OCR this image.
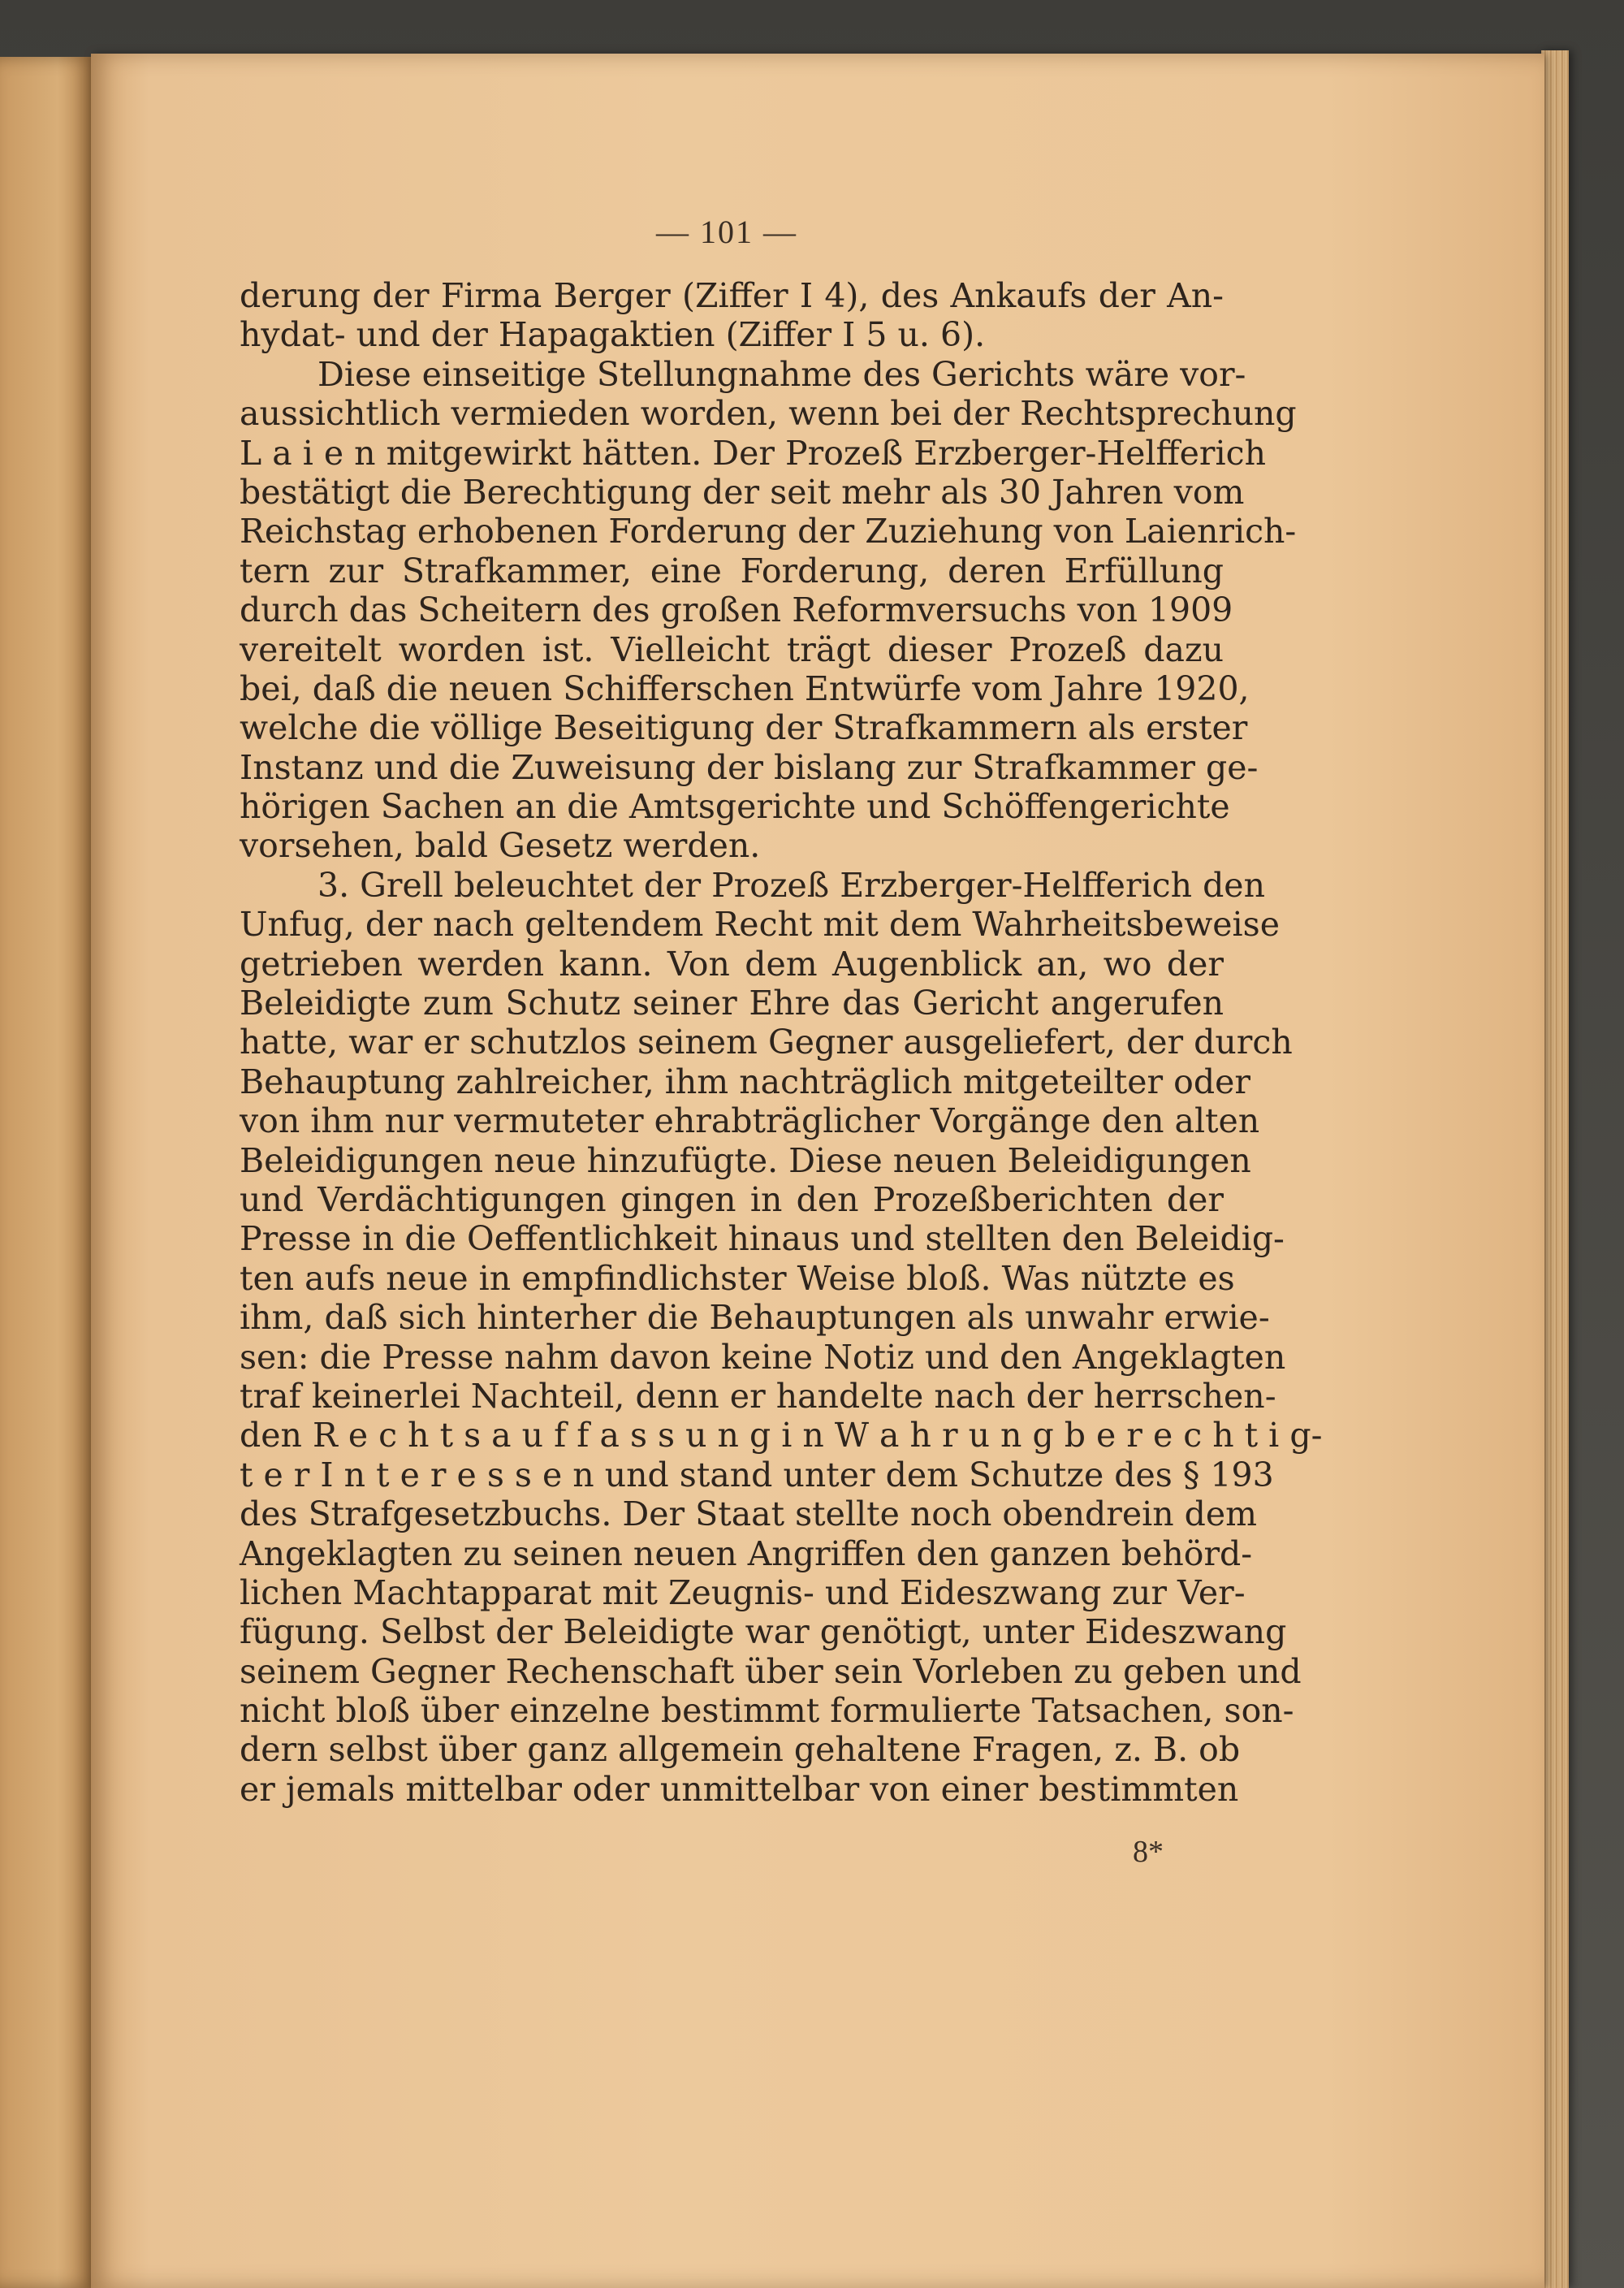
— 101 —
derung der Firma Berger (Ziffer I 4), des Ankaufs der An-
hydat- und der Hapagaktien (Ziffer I 5 u. 6).
Diese einseitige Stellungnahme des Gerichts wäre vor-
aussichtlich vermieden worden, wenn bei der Rechtsprechung
L a i e n mitgewirkt hätten. Der Prozeß Erzberger-Helfferich
bestätigt die Berechtigung der seit mehr als 30 Jahren vom
Reichstag erhobenen Forderung der Zuziehung von Laienrich-
tern zur Strafkammer, eine Forderung, deren Erfüllung
durch das Scheitern des großen Reformversuchs von 1909
vereitelt worden ist. Vielleicht trägt dieser Prozeß dazu
bei, daß die neuen Schifferschen Entwürfe vom Jahre 1920,
welche die völlige Beseitigung der Strafkammern als erster
Instanz und die Zuweisung der bislang zur Strafkammer ge-
hörigen Sachen an die Amtsgerichte und Schöffengerichte
vorsehen, bald Gesetz werden.
3. Grell beleuchtet der Prozeß Erzberger-Helfferich den
Unfug, der nach geltendem Recht mit dem Wahrheitsbeweise
getrieben werden kann. Von dem Augenblick an, wo der
Beleidigte zum Schutz seiner Ehre das Gericht angerufen
hatte, war er schutzlos seinem Gegner ausgeliefert, der durch
Behauptung zahlreicher, ihm nachträglich mitgeteilter oder
von ihm nur vermuteter ehrabträglicher Vorgänge den alten
Beleidigungen neue hinzufügte. Diese neuen Beleidigungen
und Verdächtigungen gingen in den Prozeßberichten der
Presse in die Oeffentlichkeit hinaus und stellten den Beleidig-
ten aufs neue in empfindlichster Weise bloß. Was nützte es
ihm, daß sich hinterher die Behauptungen als unwahr erwie-
sen: die Presse nahm davon keine Notiz und den Angeklagten
traf keinerlei Nachteil, denn er handelte nach der herrschen-
den R e c h t s a u f f a s s u n g i n W a h r u n g b e r e c h t i g-
t e r I n t e r e s s e n und stand unter dem Schutze des § 193
des Strafgesetzbuchs. Der Staat stellte noch obendrein dem
Angeklagten zu seinen neuen Angriffen den ganzen behörd-
lichen Machtapparat mit Zeugnis- und Eideszwang zur Ver-
fügung. Selbst der Beleidigte war genötigt, unter Eideszwang
seinem Gegner Rechenschaft über sein Vorleben zu geben und
nicht bloß über einzelne bestimmt formulierte Tatsachen, son-
dern selbst über ganz allgemein gehaltene Fragen, z. B. ob
er jemals mittelbar oder unmittelbar von einer bestimmten
8*
